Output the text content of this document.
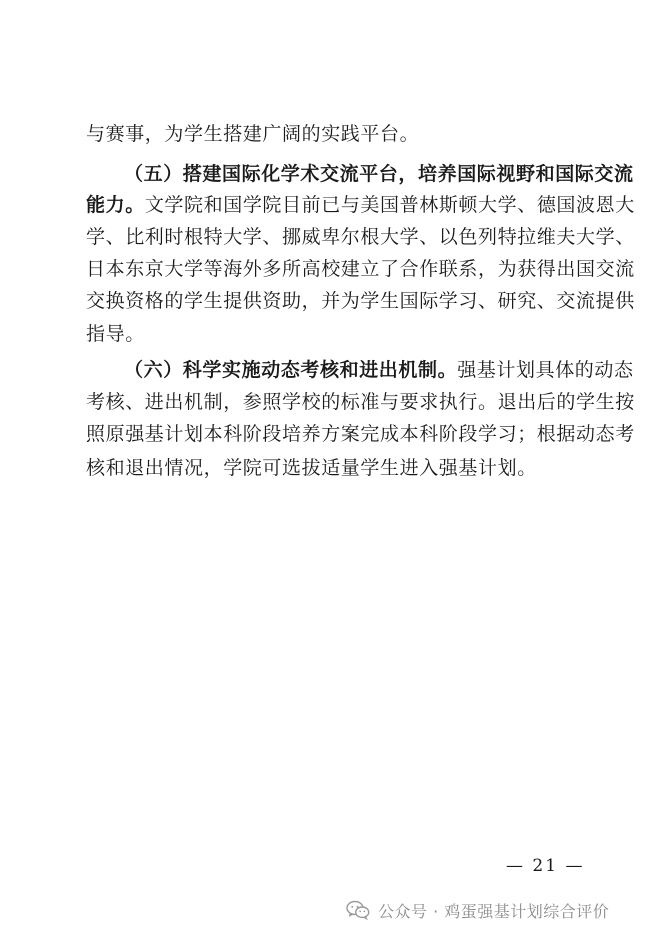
与赛事，为学生搭建广阔的实践平台。
（五）搭建国际化学术交流平台，培养国际视野和国际交流
能力。文学院和国学院目前已与美国普林斯顿大学、德国波恩大
学、比利时根特大学、挪威卑尔根大学、以色列特拉维夫大学、
日本东京大学等海外多所高校建立了合作联系，为获得出国交流
交换资格的学生提供资助，并为学生国际学习、研究、交流提供
指导。
（六）科学实施动态考核和进出机制。强基计划具体的动态
考核、进出机制，参照学校的标准与要求执行。退出后的学生按
照原强基计划本科阶段培养方案完成本科阶段学习；根据动态考
核和退出情况，学院可选拔适量学生进入强基计划。
— 21 —
公众号 · 鸡蛋强基计划综合评价
